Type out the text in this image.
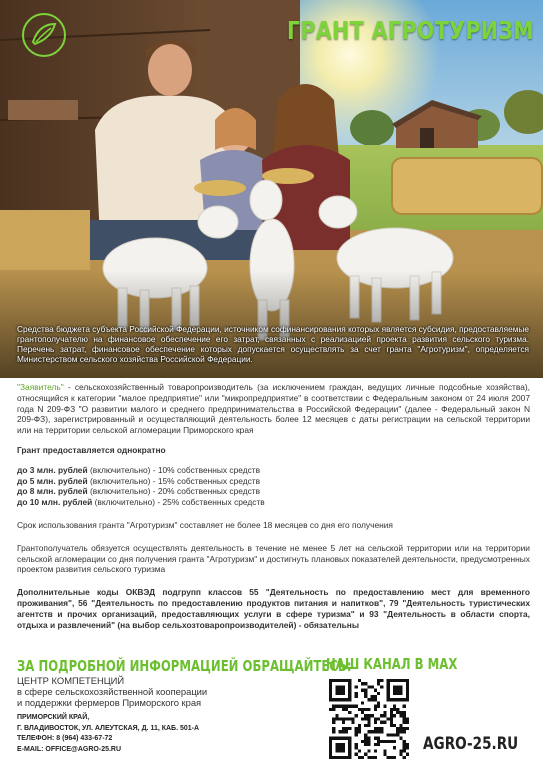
ГРАНТ АГРОТУРИЗМ
Средства бюджета субъекта Российской Федерации, источником софинансирования которых является субсидия, предоставляемые грантополучателю на финансовое обеспечение его затрат, связанных с реализацией проекта развития сельского туризма. Перечень затрат, финансовое обеспечение которых допускается осуществлять за счет гранта "Агротуризм", определяется Министерством сельского хозяйства Российской Федерации.

"Заявитель" - сельскохозяйственный товаропроизводитель (за исключением граждан, ведущих личные подсобные хозяйства), относящийся к категории "малое предприятие" или "микропредприятие" в соответствии с Федеральным законом от 24 июля 2007 года N 209-ФЗ "О развитии малого и среднего предпринимательства в Российской Федерации" (далее - Федеральный закон N 209-ФЗ), зарегистрированный и осуществляющий деятельность более 12 месяцев с даты регистрации на сельской территории или на территории сельской агломерации Приморского края

Грант предоставляется однократно

до 3 млн. рублей (включительно) - 10% собственных средств

до 5 млн. рублей (включительно) - 15% собственных средств

до 8 млн. рублей (включительно) - 20% собственных средств

до 10 млн. рублей (включительно) - 25% собственных средств

Срок использования гранта "Агротуризм" составляет не более 18 месяцев со дня его получения

Грантополучатель обязуется осуществлять деятельность в течение не менее 5 лет на сельской территории или на территории сельской агломерации со дня получения гранта "Агротуризм" и достигнуть плановых показателей деятельности, предусмотренных проектом развития сельского туризма

Дополнительные коды ОКВЭД подгрупп классов 55 "Деятельность по предоставлению мест для временного проживания", 56 "Деятельность по предоставлению продуктов питания и напитков", 79 "Деятельность туристических агентств и прочих организаций, предоставляющих услуги в сфере туризма" и 93 "Деятельность в области спорта, отдыха и развлечений" (на выбор сельхозтоваропроизводителей) - обязательны

ЗА ПОДРОБНОЙ ИНФОРМАЦИЕЙ ОБРАЩАЙТЕСЬ:
ЦЕНТР КОМПЕТЕНЦИЙ
в сфере сельскохозяйственной кооперации
и поддержки фермеров Приморского края
ПРИМОРСКИЙ КРАЙ,
Г. ВЛАДИВОСТОК, УЛ. АЛЕУТСКАЯ, Д. 11, КАБ. 501-А
ТЕЛЕФОН: 8 (964) 433-67-72
E-MAIL: OFFICE@AGRO-25.RU
НАШ КАНАЛ В MAX
AGRO-25.RU
